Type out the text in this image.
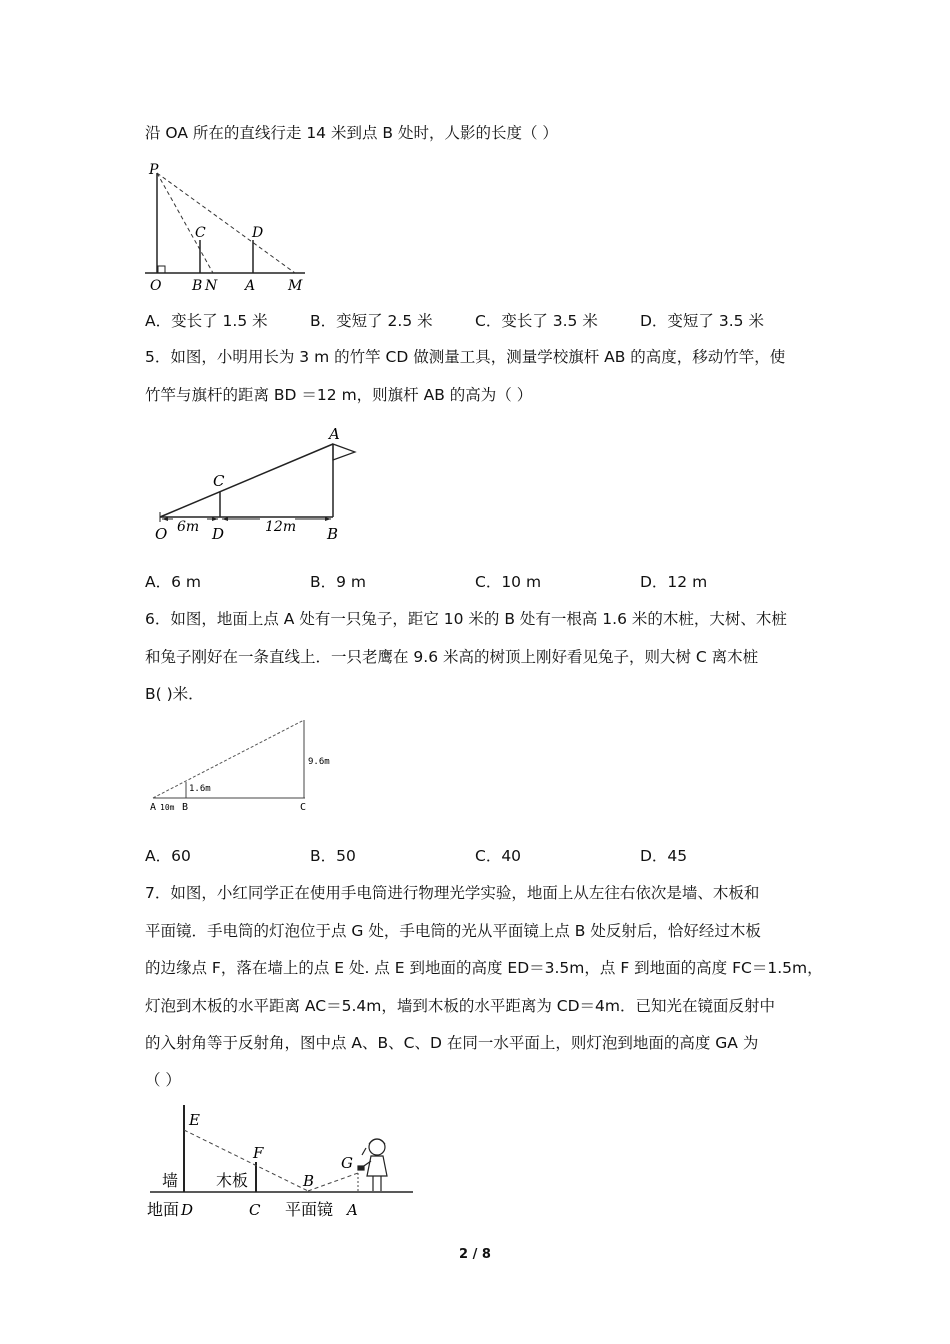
沿 OA 所在的直线行走 14 米到点 B 处时，人影的长度（ ）
P
C	D
O B N A M
A．变长了 1.5 米	B．变短了 2.5 米	C．变长了 3.5 米	D．变短了 3.5 米
5．如图，小明用长为 3 m 的竹竿 CD 做测量工具，测量学校旗杆 AB 的高度，移动竹竿，使
竹竿与旗杆的距离 BD ＝12 m，则旗杆 AB 的高为（ ）
A
C
O	D	B
6m	12m
A．6 m	B．9 m	C．10 m	D．12 m
6．如图，地面上点 A 处有一只兔子，距它 10 米的 B 处有一根高 1.6 米的木桩，大树、木桩
和兔子刚好在一条直线上．一只老鹰在 9.6 米高的树顶上刚好看见兔子，则大树 C 离木桩
B( )米．
9.6m
1.6m
A 10m B	C
A．60	B．50	C．40	D．45
7．如图，小红同学正在使用手电筒进行物理光学实验，地面上从左往右依次是墙、木板和
平面镜．手电筒的灯泡位于点 G 处，手电筒的光从平面镜上点 B 处反射后，恰好经过木板
的边缘点 F，落在墙上的点 E 处. 点 E 到地面的高度 ED＝3.5m，点 F 到地面的高度 FC＝1.5m，
灯泡到木板的水平距离 AC＝5.4m，墙到木板的水平距离为 CD＝4m．已知光在镜面反射中
的入射角等于反射角，图中点 A、B、C、D 在同一水平面上，则灯泡到地面的高度 GA 为
（ ）
E
F
G
B
墙 木板
地面 D	C 平面镜 A
2 / 8
